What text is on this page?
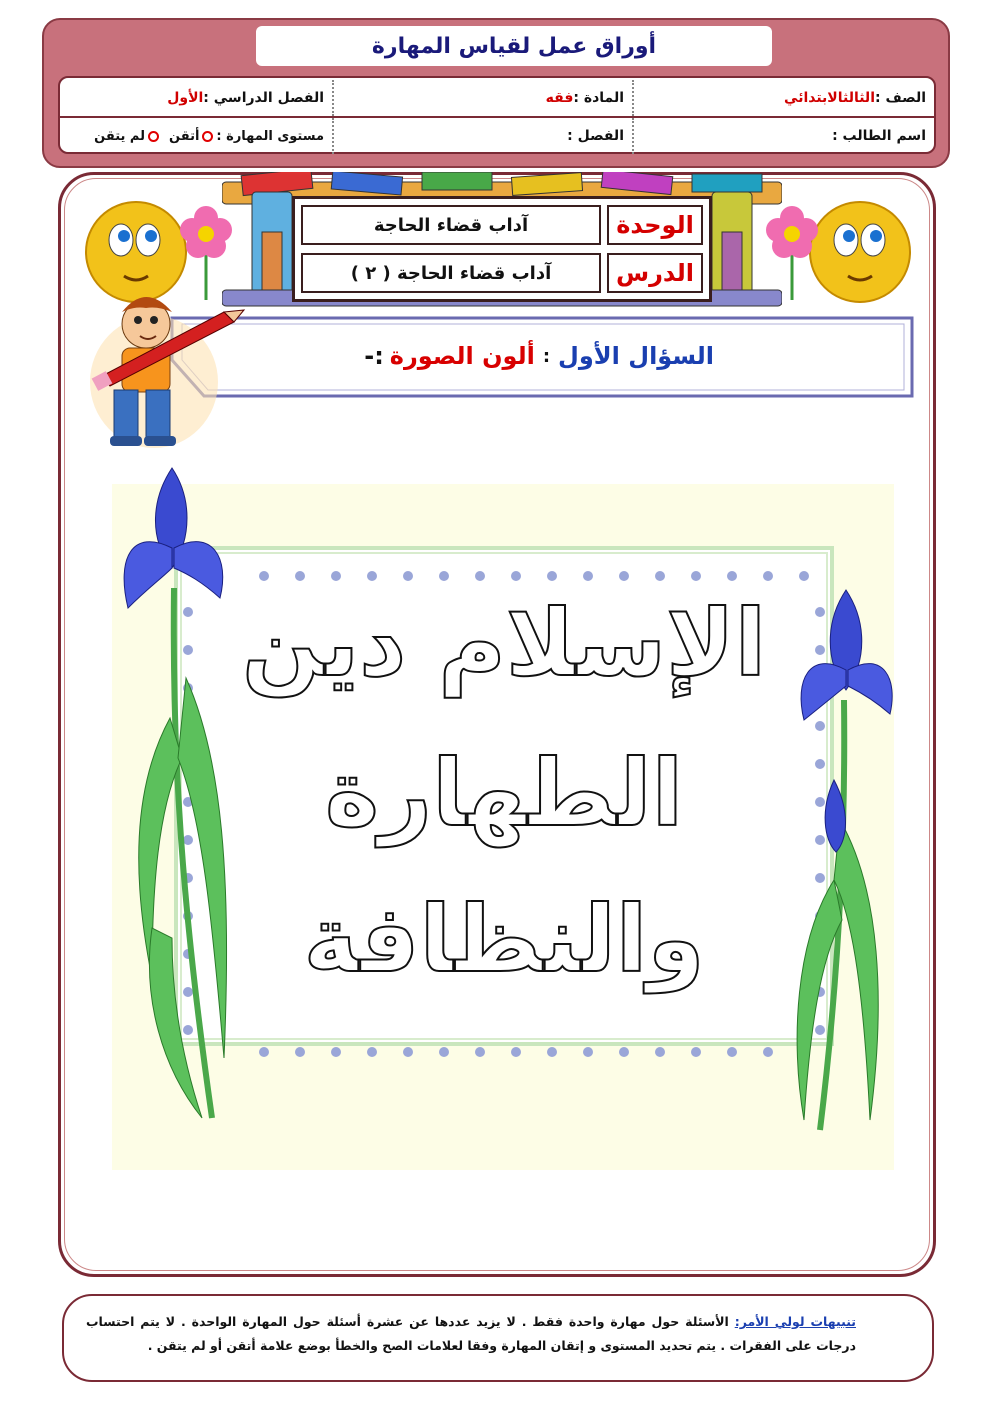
أوراق عمل لقياس المهارة
الصف :
الثالثالابتدائي
المادة :
فقه
الفصل الدراسي :
الأول
اسم الطالب :
الفصل :
مستوى المهارة :
أتقن
لم يتقن
الوحدة
آداب قضاء الحاجة
الدرس
آداب قضاء الحاجة ( ٢ )
السؤال الأول
:
ألون الصورة
:-
الإسلام دين
الطهارة
والنظافة
تنبيهات لولي الأمر: الأسئلة حول مهارة واحدة فقط . لا يزيد عددها عن عشرة أسئلة حول المهارة الواحدة . لا يتم احتساب درجات على الفقرات . يتم تحديد المستوى و إتقان المهارة وفقا لعلامات الصح والخطأ بوضع علامة أتقن أو لم يتقن .
